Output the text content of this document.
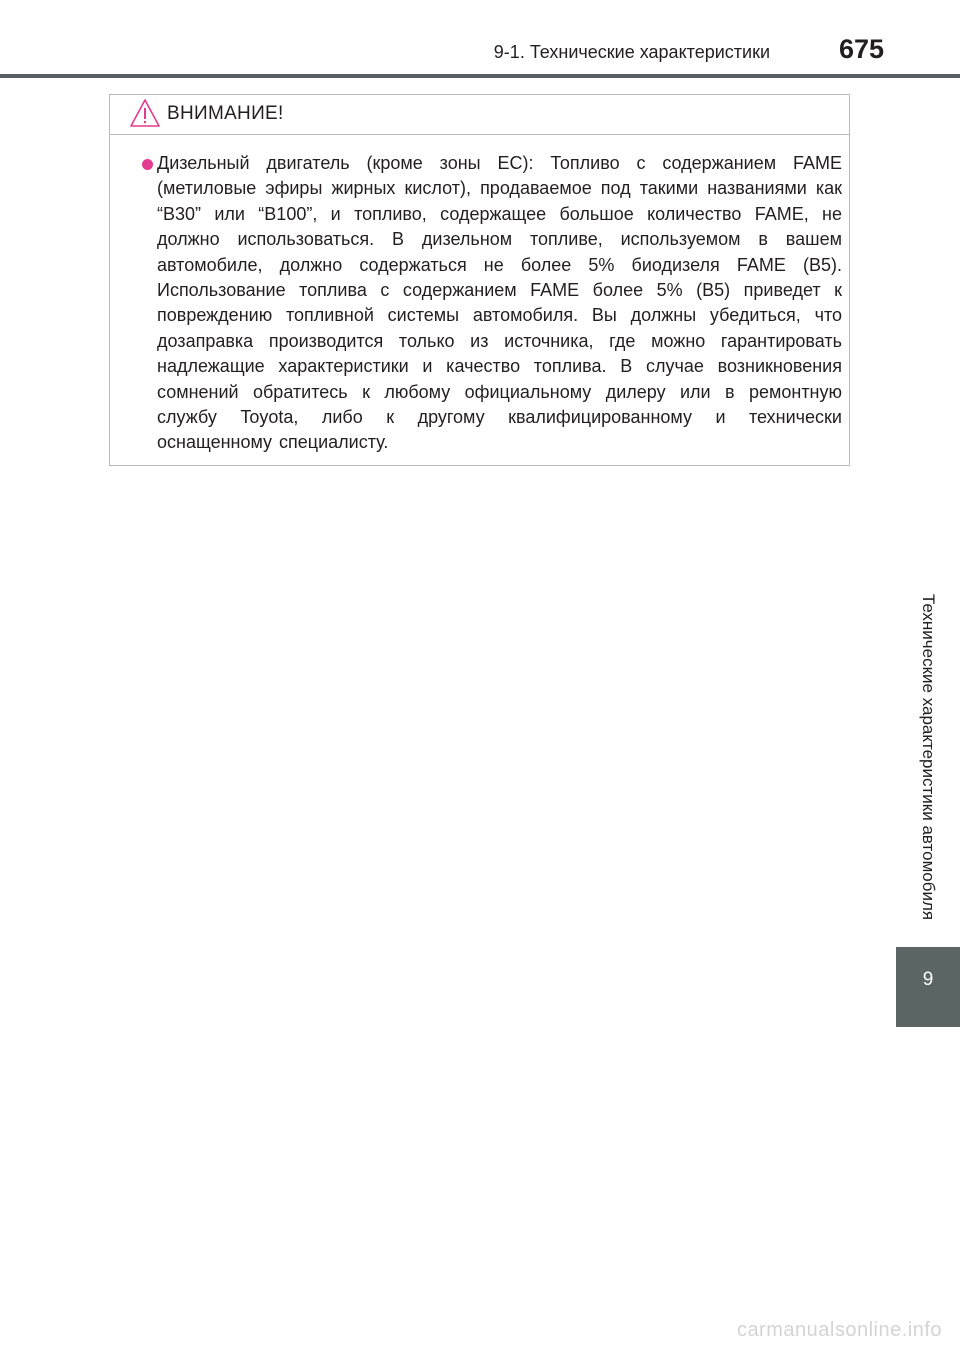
9-1. Технические характеристики	675
ВНИМАНИЕ!

Дизельный двигатель (кроме зоны EC): Топливо с содержанием FAME (метиловые эфиры жирных кислот), продаваемое под такими названиями как “B30” или “B100”, и топливо, содержащее большое количество FAME, не должно использоваться. В дизельном топливе, используемом в вашем автомобиле, должно содержаться не более 5% биодизеля FAME (B5). Использование топлива с содержанием FAME более 5% (B5) приведет к повреждению топливной системы автомобиля. Вы должны убедиться, что дозаправка производится только из источника, где можно гарантировать надлежащие характеристики и качество топлива. В случае возникновения сомнений обратитесь к любому официальному дилеру или в ремонтную службу Toyota, либо к другому квалифицированному и технически оснащенному специалисту.

Технические характеристики автомобиля
9
carmanualsonline.info
